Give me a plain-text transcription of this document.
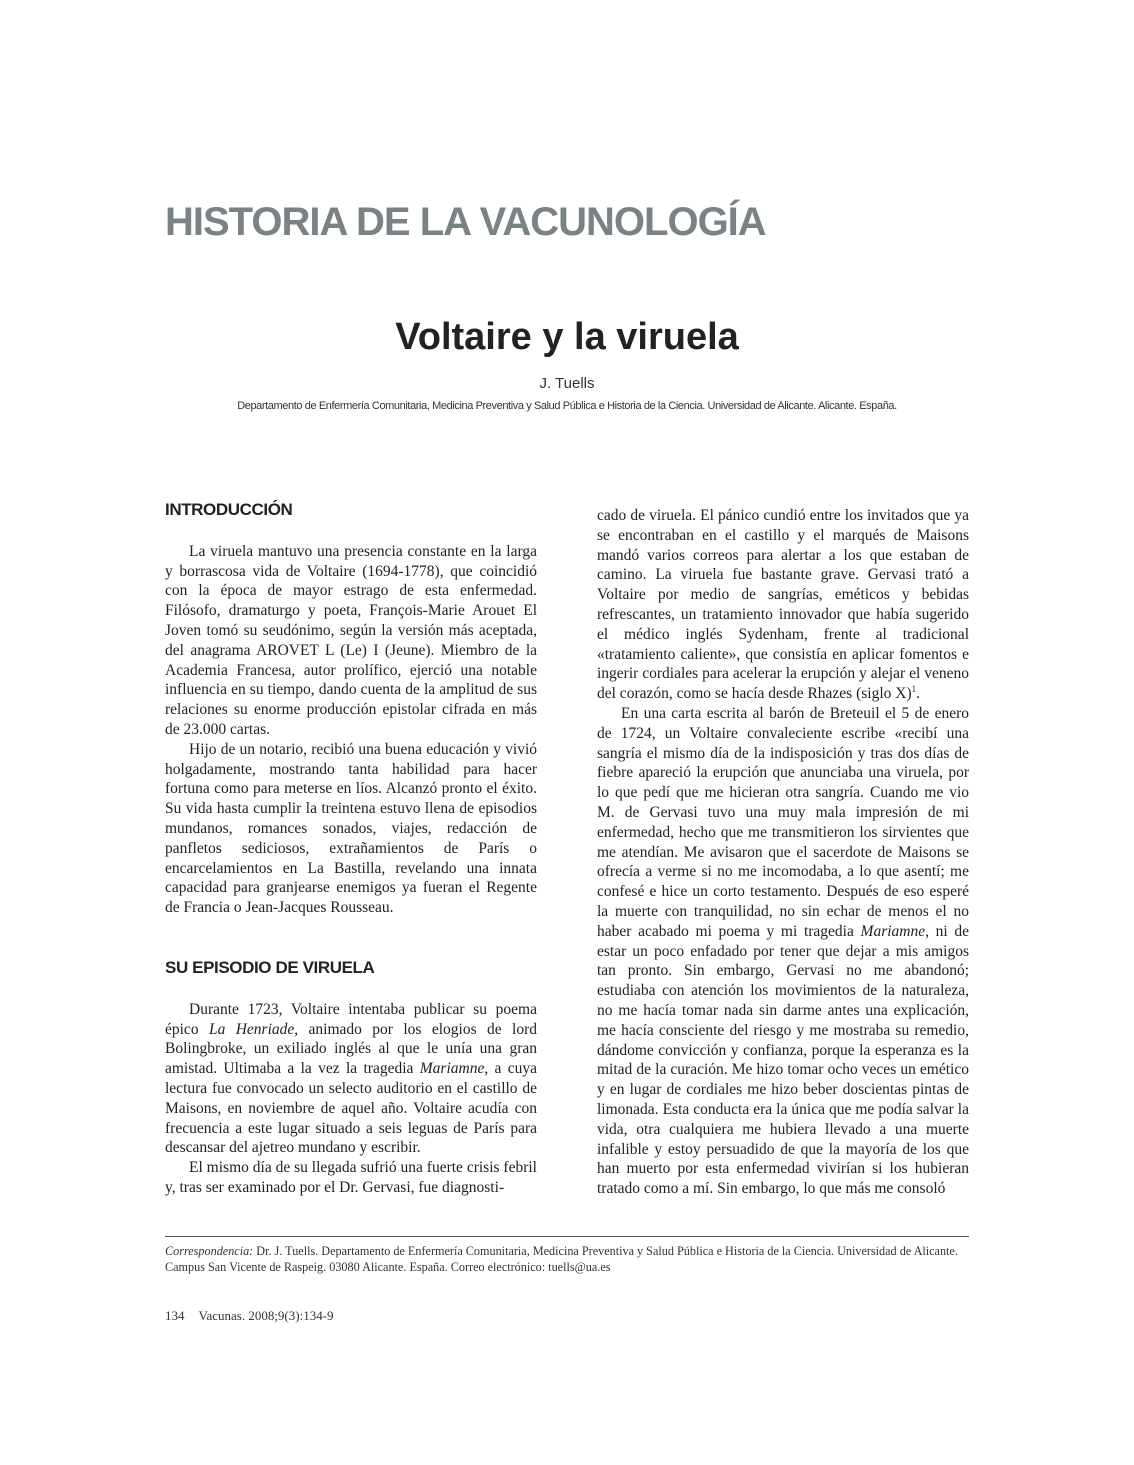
HISTORIA DE LA VACUNOLOGÍA
Voltaire y la viruela
J. Tuells
Departamento de Enfermería Comunitaria, Medicina Preventiva y Salud Pública e Historia de la Ciencia. Universidad de Alicante. Alicante. España.
INTRODUCCIÓN

La viruela mantuvo una presencia constante en la larga y borrascosa vida de Voltaire (1694-1778), que coincidió con la época de mayor estrago de esta enfermedad. Filósofo, dramaturgo y poeta, François-Marie Arouet El Joven tomó su seudónimo, según la versión más aceptada, del anagrama AROVET L (Le) I (Jeune). Miembro de la Academia Francesa, autor prolífico, ejerció una notable influencia en su tiempo, dando cuenta de la amplitud de sus relaciones su enorme producción epistolar cifrada en más de 23.000 cartas.

Hijo de un notario, recibió una buena educación y vivió holgadamente, mostrando tanta habilidad para hacer fortuna como para meterse en líos. Alcanzó pronto el éxito. Su vida hasta cumplir la treintena estuvo llena de episodios mundanos, romances sonados, viajes, redacción de panfletos sediciosos, extrañamientos de París o encarcelamientos en La Bastilla, revelando una innata capacidad para granjearse enemigos ya fueran el Regente de Francia o Jean-Jacques Rousseau.

SU EPISODIO DE VIRUELA

Durante 1723, Voltaire intentaba publicar su poema épico La Henriade, animado por los elogios de lord Bolingbroke, un exiliado inglés al que le unía una gran amistad. Ultimaba a la vez la tragedia Mariamne, a cuya lectura fue convocado un selecto auditorio en el castillo de Maisons, en noviembre de aquel año. Voltaire acudía con frecuencia a este lugar situado a seis leguas de París para descansar del ajetreo mundano y escribir.

El mismo día de su llegada sufrió una fuerte crisis febril y, tras ser examinado por el Dr. Gervasi, fue diagnosti-

cado de viruela. El pánico cundió entre los invitados que ya se encontraban en el castillo y el marqués de Maisons mandó varios correos para alertar a los que estaban de camino. La viruela fue bastante grave. Gervasi trató a Voltaire por medio de sangrías, eméticos y bebidas refrescantes, un tratamiento innovador que había sugerido el médico inglés Sydenham, frente al tradicional «tratamiento caliente», que consistía en aplicar fomentos e ingerir cordiales para acelerar la erupción y alejar el veneno del corazón, como se hacía desde Rhazes (siglo X)$^1$.

En una carta escrita al barón de Breteuil el 5 de enero de 1724, un Voltaire convaleciente escribe «recibí una sangría el mismo día de la indisposición y tras dos días de fiebre apareció la erupción que anunciaba una viruela, por lo que pedí que me hicieran otra sangría. Cuando me vio M. de Gervasi tuvo una muy mala impresión de mi enfermedad, hecho que me transmitieron los sirvientes que me atendían. Me avisaron que el sacerdote de Maisons se ofrecía a verme si no me incomodaba, a lo que asentí; me confesé e hice un corto testamento. Después de eso esperé la muerte con tranquilidad, no sin echar de menos el no haber acabado mi poema y mi tragedia Mariamne, ni de estar un poco enfadado por tener que dejar a mis amigos tan pronto. Sin embargo, Gervasi no me abandonó; estudiaba con atención los movimientos de la naturaleza, no me hacía tomar nada sin darme antes una explicación, me hacía consciente del riesgo y me mostraba su remedio, dándome convicción y confianza, porque la esperanza es la mitad de la curación. Me hizo tomar ocho veces un emético y en lugar de cordiales me hizo beber doscientas pintas de limonada. Esta conducta era la única que me podía salvar la vida, otra cualquiera me hubiera llevado a una muerte infalible y estoy persuadido de que la mayoría de los que han muerto por esta enfermedad vivirían si los hubieran tratado como a mí. Sin embargo, lo que más me consoló

Correspondencia: Dr. J. Tuells. Departamento de Enfermería Comunitaria, Medicina Preventiva y Salud Pública e Historia de la Ciencia. Universidad de Alicante. Campus San Vicente de Raspeig. 03080 Alicante. España. Correo electrónico: tuells@ua.es
134 Vacunas. 2008;9(3):134-9
